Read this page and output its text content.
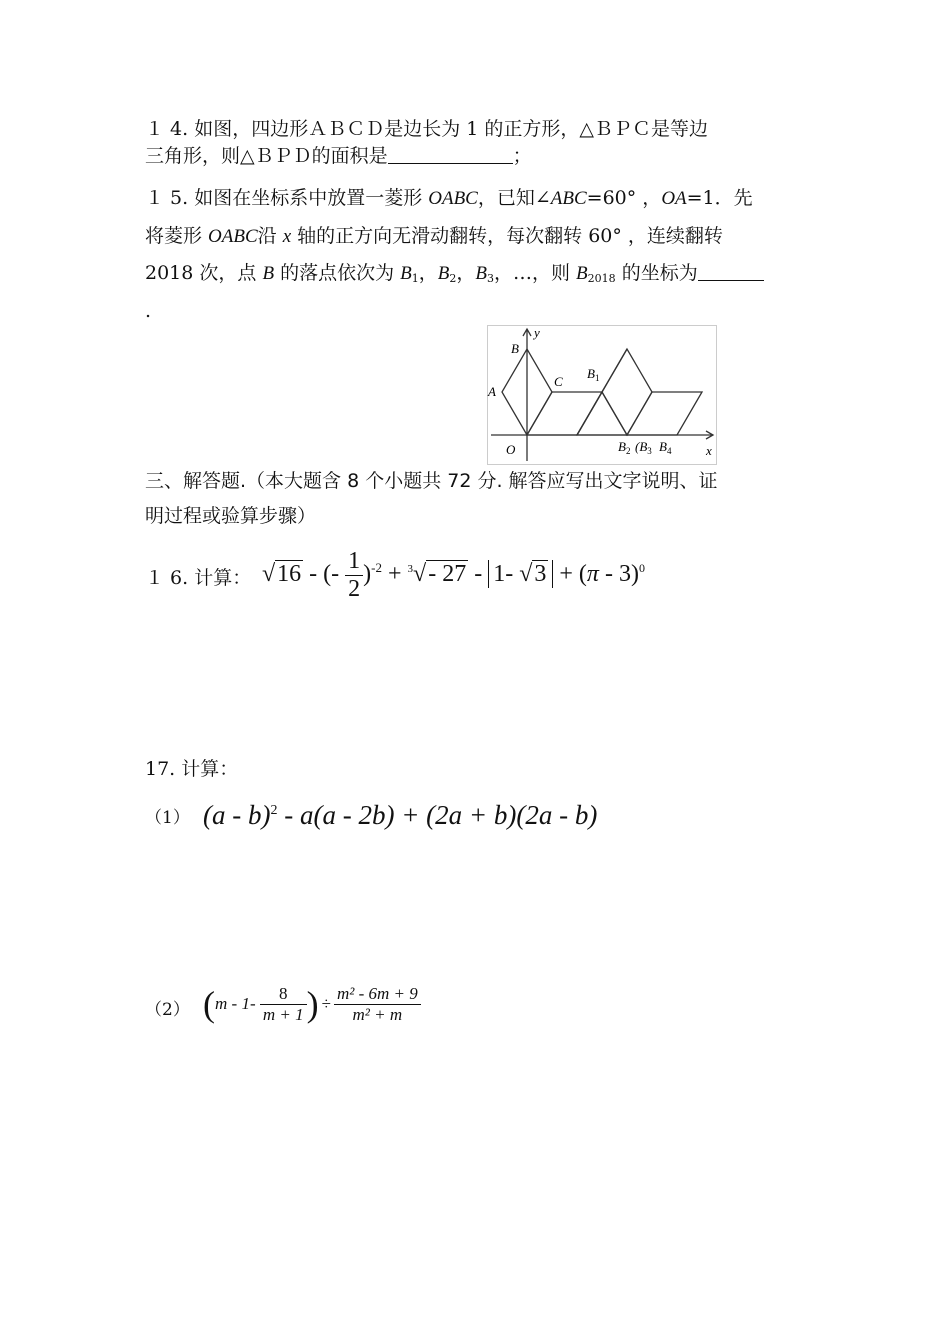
１ 4. 如图，四边形ＡＢＣＤ是边长为 1 的正方形，△ＢＰＣ是等边
三角形，则△ＢＰＤ的面积是	；
１ 5. 如图在坐标系中放置一菱形 OABC，已知∠ABC=60° ，OA=1．先
将菱形 OABC沿 x 轴的正方向无滑动翻转，每次翻转 60° ，连续翻转
2018 次，点 B 的落点依次为 $B_1$，$B_2$，$B_3$，…，则 $B_{2018}$ 的坐标为
.
y
x
O
A
B
C
$B_1$
$B_2$ ($B_3$ $B_4$
三、解答题.（本大题含 8 个小题共 72 分. 解答应写出文字说明、证
明过程或验算步骤）
１ 6. 计算： √16 - (- $\frac{1}{2} )^{-2} + ^3√-$ 27 - 1- √3 + (π - 3)$^0$
17. 计算：
（1） (a - b)$^2$ - a(a - 2b) + (2a + b)(2a - b)
（2） ($m - 1- \frac{8}{m + 1}$ ) ÷ $\frac{\text{m² - 6m + 9}}{\text{m² + m}}$
